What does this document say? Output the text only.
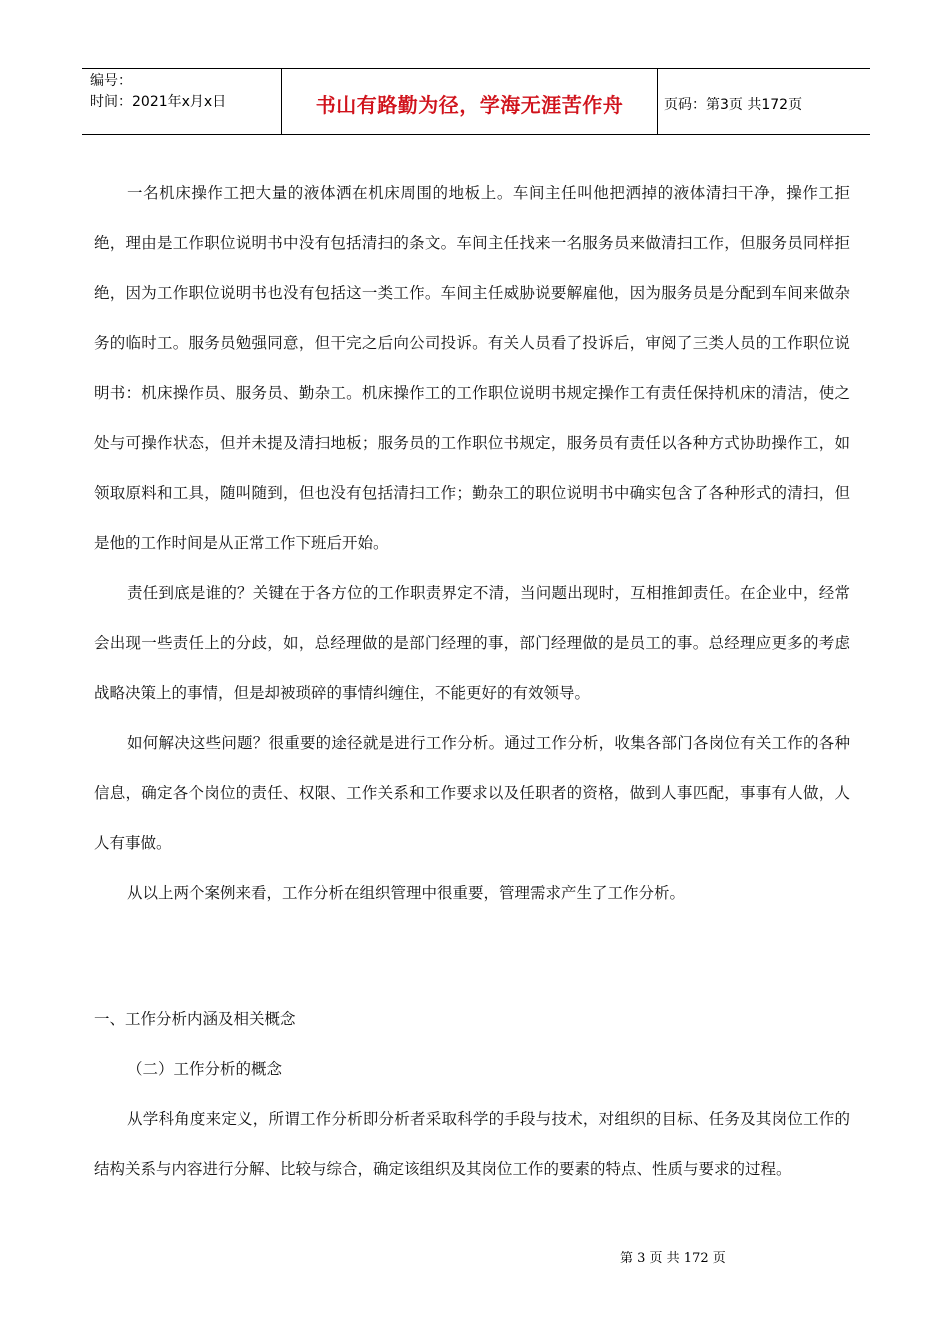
编号：
时间：2021年x月x日	书山有路勤为径，学海无涯苦作舟	页码：第3页 共172页

一名机床操作工把大量的液体洒在机床周围的地板上。车间主任叫他把洒掉的液体清扫干净，操作工拒绝，理由是工作职位说明书中没有包括清扫的条文。车间主任找来一名服务员来做清扫工作，但服务员同样拒绝，因为工作职位说明书也没有包括这一类工作。车间主任威胁说要解雇他，因为服务员是分配到车间来做杂务的临时工。服务员勉强同意，但干完之后向公司投诉。有关人员看了投诉后，审阅了三类人员的工作职位说明书：机床操作员、服务员、勤杂工。机床操作工的工作职位说明书规定操作工有责任保持机床的清洁，使之处与可操作状态，但并未提及清扫地板；服务员的工作职位书规定，服务员有责任以各种方式协助操作工，如领取原料和工具，随叫随到，但也没有包括清扫工作；勤杂工的职位说明书中确实包含了各种形式的清扫，但是他的工作时间是从正常工作下班后开始。

责任到底是谁的？关键在于各方位的工作职责界定不清，当问题出现时，互相推卸责任。在企业中，经常会出现一些责任上的分歧，如，总经理做的是部门经理的事，部门经理做的是员工的事。总经理应更多的考虑战略决策上的事情，但是却被琐碎的事情纠缠住，不能更好的有效领导。

如何解决这些问题？很重要的途径就是进行工作分析。通过工作分析，收集各部门各岗位有关工作的各种信息，确定各个岗位的责任、权限、工作关系和工作要求以及任职者的资格，做到人事匹配，事事有人做，人人有事做。

从以上两个案例来看，工作分析在组织管理中很重要，管理需求产生了工作分析。

一、工作分析内涵及相关概念

（二）工作分析的概念

从学科角度来定义，所谓工作分析即分析者采取科学的手段与技术，对组织的目标、任务及其岗位工作的结构关系与内容进行分解、比较与综合，确定该组织及其岗位工作的要素的特点、性质与要求的过程。

第 3 页 共 172 页
